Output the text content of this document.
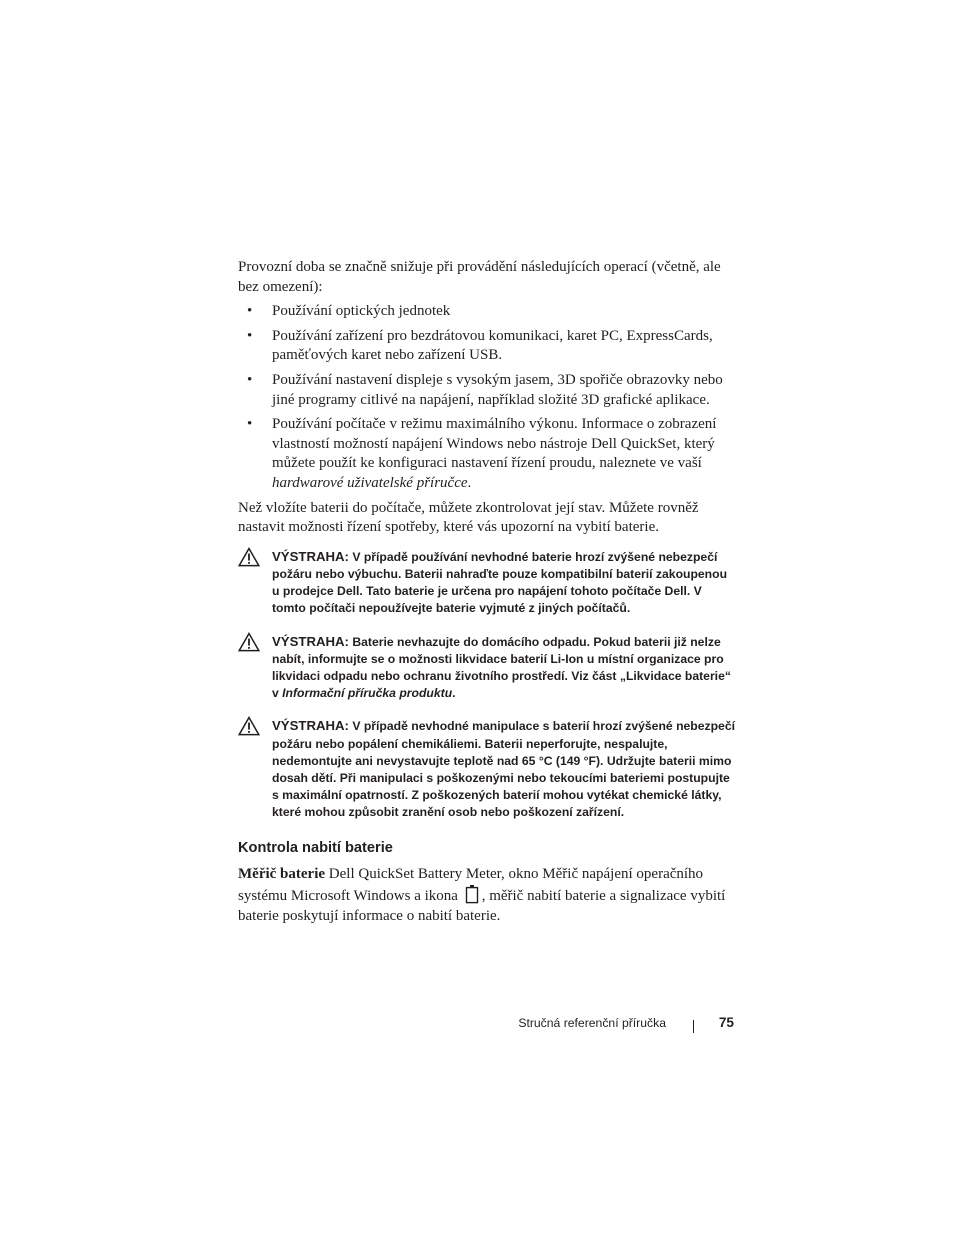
Provozní doba se značně snižuje při provádění následujících operací (včetně, ale bez omezení):

• Používání optických jednotek
• Používání zařízení pro bezdrátovou komunikaci, karet PC, ExpressCards, paměťových karet nebo zařízení USB.
• Používání nastavení displeje s vysokým jasem, 3D spořiče obrazovky nebo jiné programy citlivé na napájení, například složité 3D grafické aplikace.
• Používání počítače v režimu maximálního výkonu. Informace o zobrazení vlastností možností napájení Windows nebo nástroje Dell QuickSet, který můžete použít ke konfiguraci nastavení řízení proudu, naleznete ve vaší hardwarové uživatelské příručce.

Než vložíte baterii do počítače, můžete zkontrolovat její stav. Můžete rovněž nastavit možnosti řízení spotřeby, které vás upozorní na vybití baterie.

VÝSTRAHA: V případě používání nevhodné baterie hrozí zvýšené nebezpečí požáru nebo výbuchu. Baterii nahraďte pouze kompatibilní baterií zakoupenou u prodejce Dell. Tato baterie je určena pro napájení tohoto počítače Dell. V tomto počítači nepoužívejte baterie vyjmuté z jiných počítačů.
VÝSTRAHA: Baterie nevhazujte do domácího odpadu. Pokud baterii již nelze nabít, informujte se o možnosti likvidace baterií Li-Ion u místní organizace pro likvidaci odpadu nebo ochranu životního prostředí. Viz část „Likvidace baterie“ v Informační příručka produktu.
VÝSTRAHA: V případě nevhodné manipulace s baterií hrozí zvýšené nebezpečí požáru nebo popálení chemikáliemi. Baterii neperforujte, nespalujte, nedemontujte ani nevystavujte teplotě nad 65 °C (149 °F). Udržujte baterii mimo dosah dětí. Při manipulaci s poškozenými nebo tekoucími bateriemi postupujte s maximální opatrností. Z poškozených baterií mohou vytékat chemické látky, které mohou způsobit zranění osob nebo poškození zařízení.
Kontrola nabití baterie

Měřič baterie Dell QuickSet Battery Meter, okno Měřič napájení operačního systému Microsoft Windows a ikona , měřič nabití baterie a signalizace vybití baterie poskytují informace o nabití baterie.

Stručná referenční příručka	75
